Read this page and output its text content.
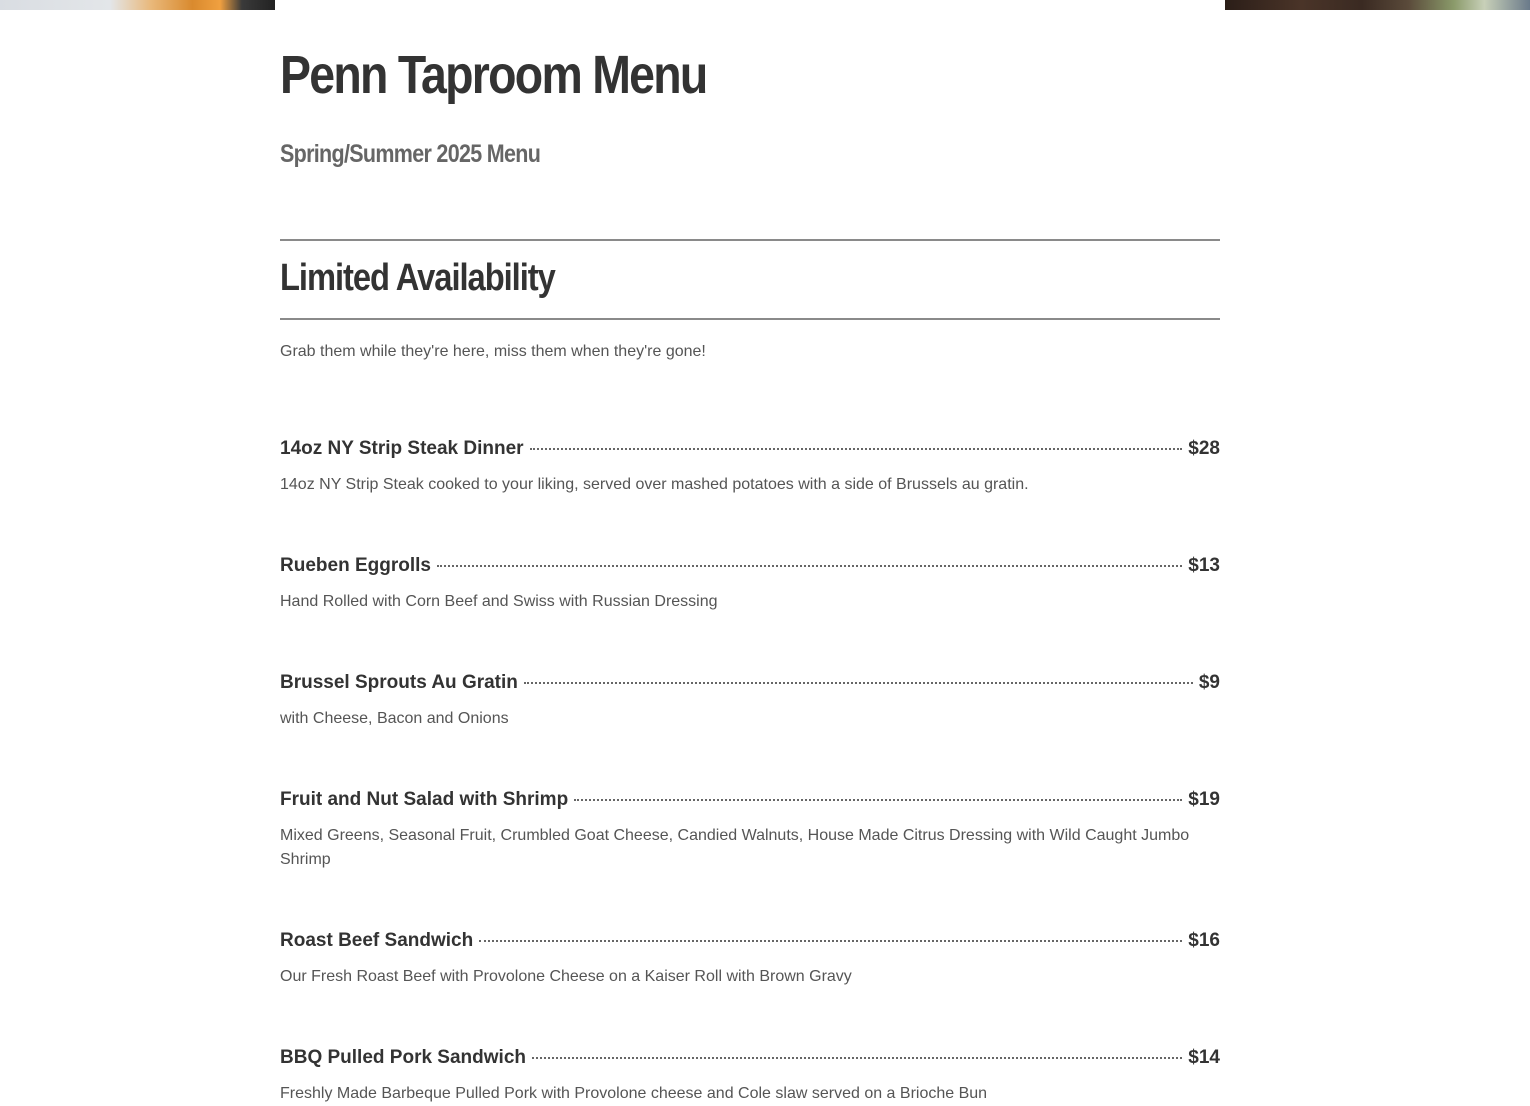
Penn Taproom Menu
Spring/Summer 2025 Menu
Limited Availability

Grab them while they're here, miss them when they're gone!

14oz NY Strip Steak Dinner	$28
14oz NY Strip Steak cooked to your liking, served over mashed potatoes with a side of Brussels au gratin.
Rueben Eggrolls	$13
Hand Rolled with Corn Beef and Swiss with Russian Dressing
Brussel Sprouts Au Gratin	$9
with Cheese, Bacon and Onions
Fruit and Nut Salad with Shrimp	$19
Mixed Greens, Seasonal Fruit, Crumbled Goat Cheese, Candied Walnuts, House Made Citrus Dressing with Wild Caught Jumbo Shrimp
Roast Beef Sandwich	$16
Our Fresh Roast Beef with Provolone Cheese on a Kaiser Roll with Brown Gravy
BBQ Pulled Pork Sandwich	$14
Freshly Made Barbeque Pulled Pork with Provolone cheese and Cole slaw served on a Brioche Bun
